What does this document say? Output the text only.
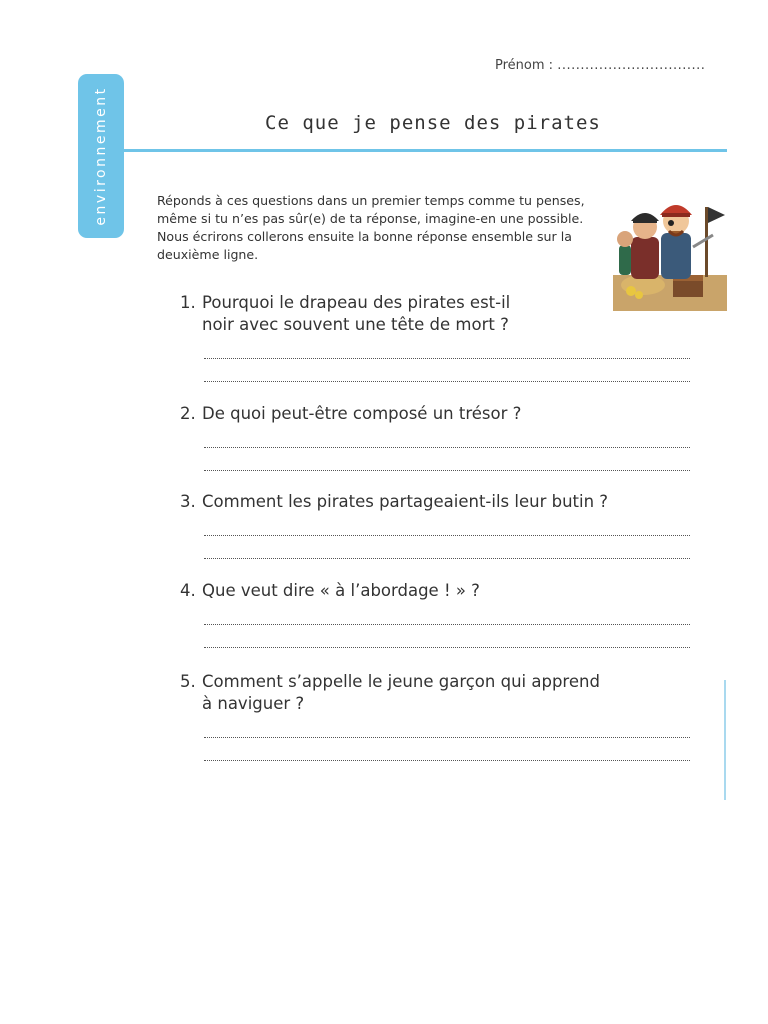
Prénom : ................................
environnement	Ce que je pense des pirates
Réponds à ces questions dans un premier temps comme tu penses, même si tu n’es pas sûr(e) de ta réponse, imagine-en une possible. Nous écrirons collerons ensuite la bonne réponse ensemble sur la deuxième ligne.

1. Pourquoi le drapeau des pirates est-il

noir avec souvent une tête de mort ?

2. De quoi peut-être composé un trésor ?

3. Comment les pirates partageaient-ils leur butin ?

4. Que veut dire « à l’abordage ! » ?

5. Comment s’appelle le jeune garçon qui apprend

à naviguer ?
